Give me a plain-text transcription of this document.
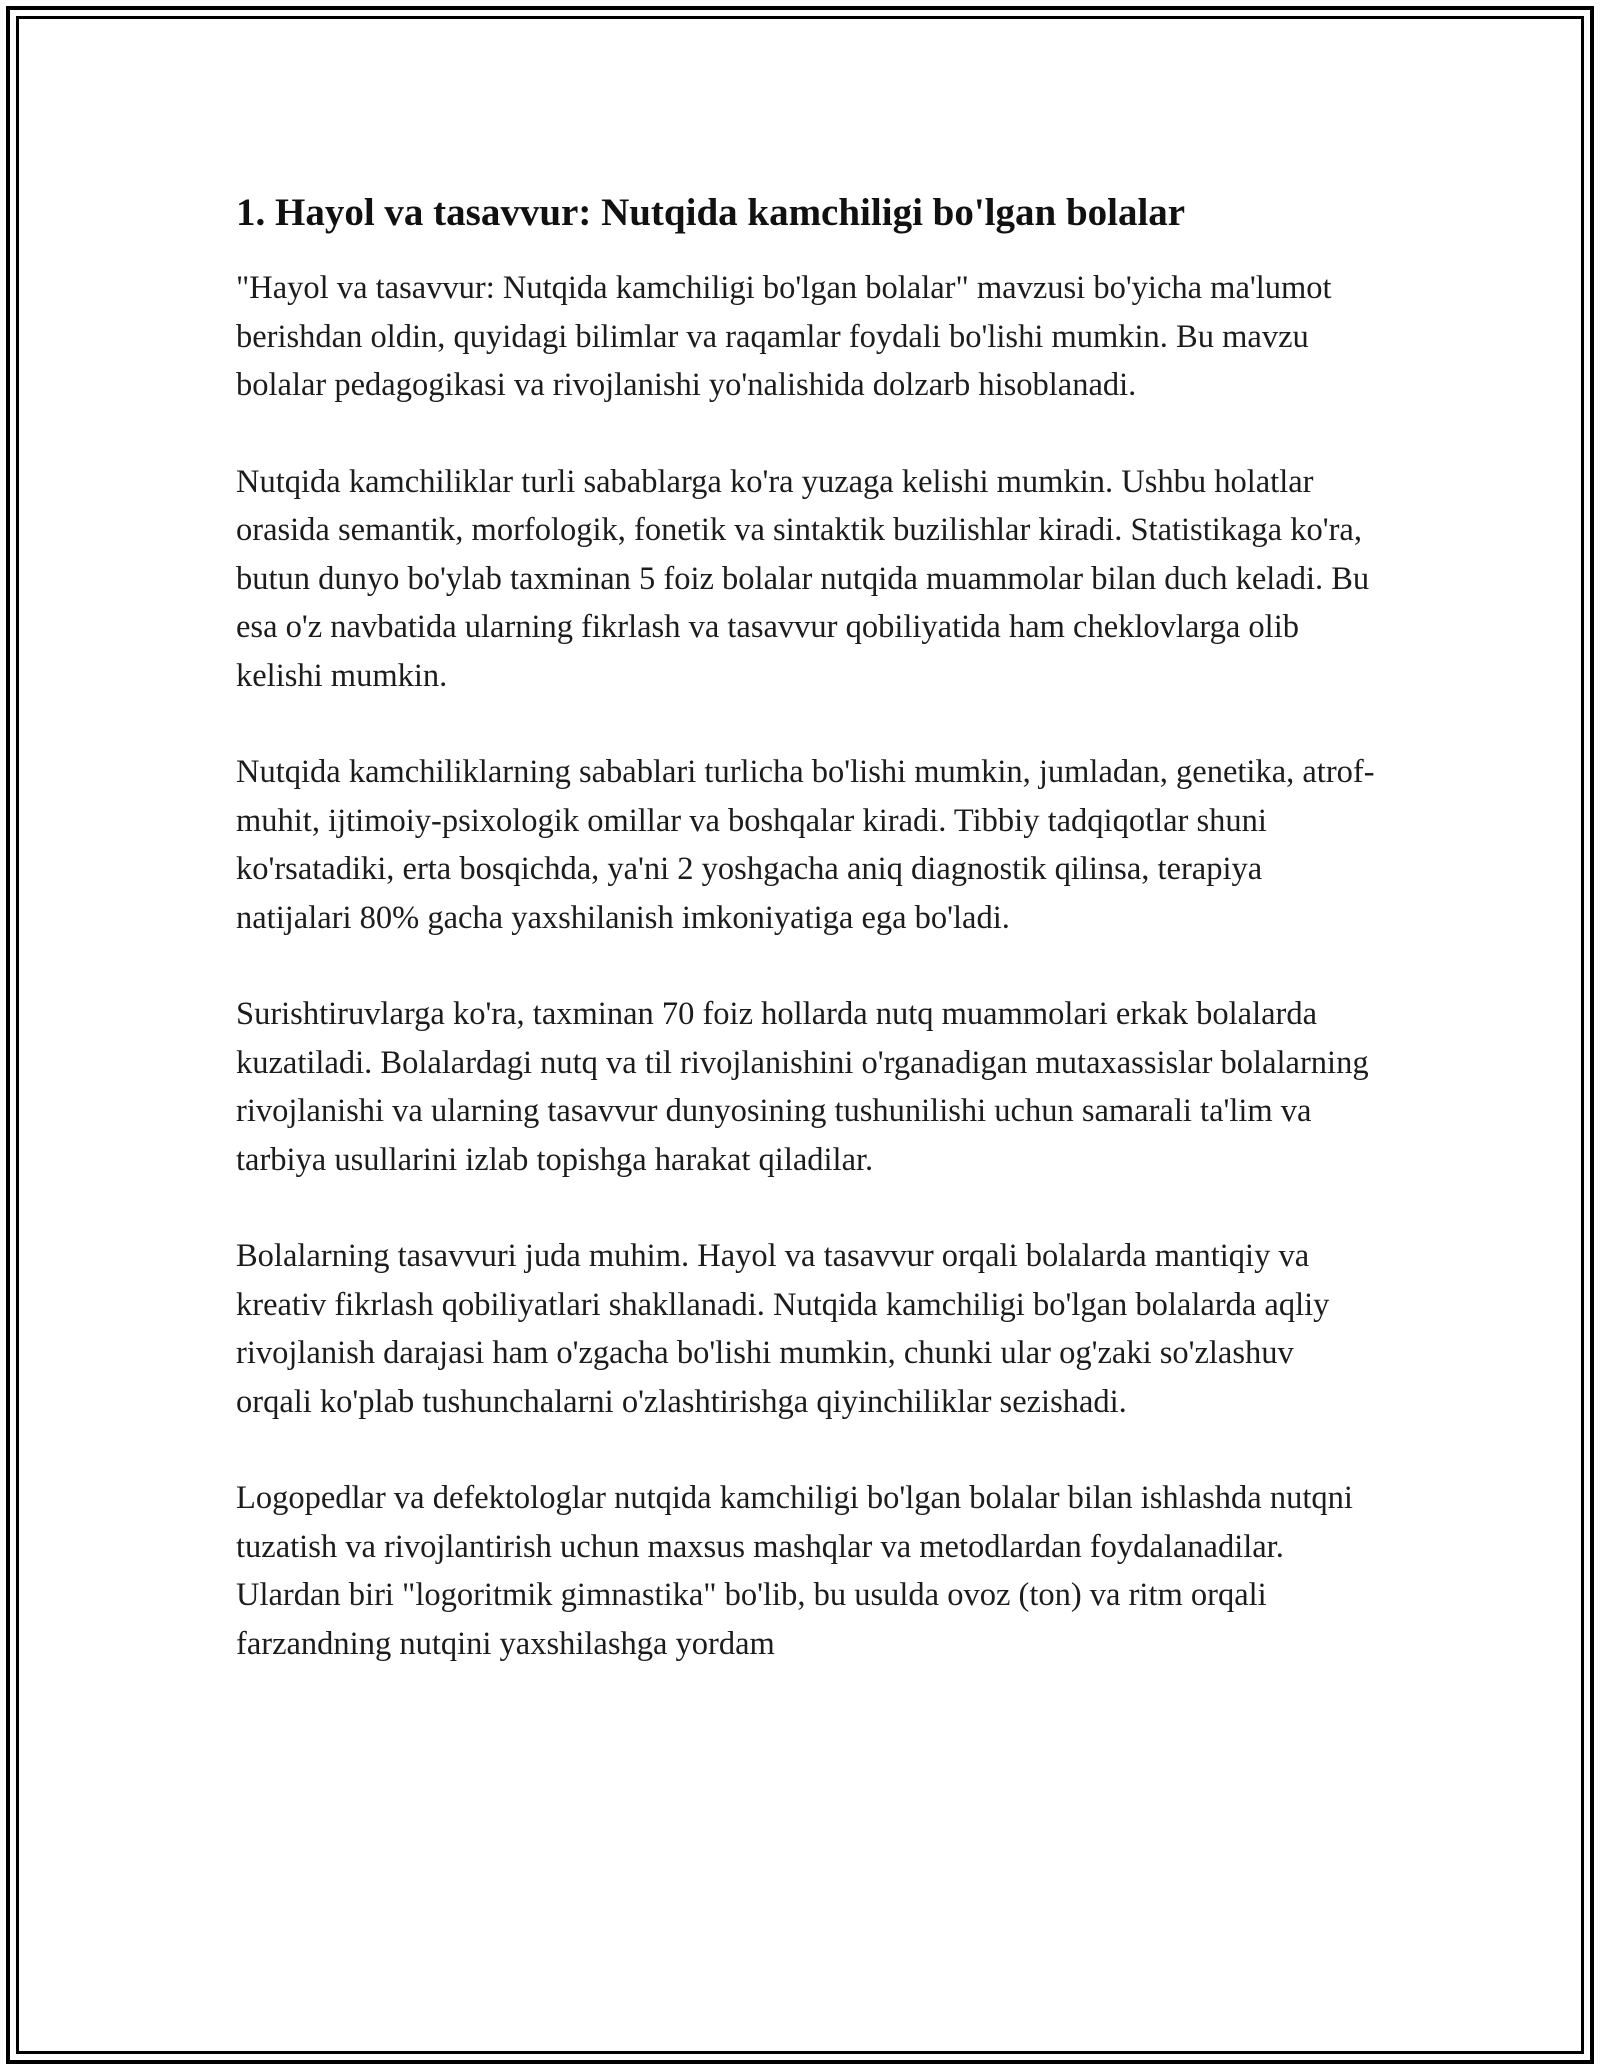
1. Hayol va tasavvur: Nutqida kamchiligi bo'lgan bolalar

"Hayol va tasavvur: Nutqida kamchiligi bo'lgan bolalar" mavzusi bo'yicha ma'lumot berishdan oldin, quyidagi bilimlar va raqamlar foydali bo'lishi mumkin. Bu mavzu bolalar pedagogikasi va rivojlanishi yo'nalishida dolzarb hisoblanadi.

Nutqida kamchiliklar turli sabablarga ko'ra yuzaga kelishi mumkin. Ushbu holatlar orasida semantik, morfologik, fonetik va sintaktik buzilishlar kiradi. Statistikaga ko'ra, butun dunyo bo'ylab taxminan 5 foiz bolalar nutqida muammolar bilan duch keladi. Bu esa o'z navbatida ularning fikrlash va tasavvur qobiliyatida ham cheklovlarga olib kelishi mumkin.

Nutqida kamchiliklarning sabablari turlicha bo'lishi mumkin, jumladan, genetika, atrof-muhit, ijtimoiy-psixologik omillar va boshqalar kiradi. Tibbiy tadqiqotlar shuni ko'rsatadiki, erta bosqichda, ya'ni 2 yoshgacha aniq diagnostik qilinsa, terapiya natijalari 80% gacha yaxshilanish imkoniyatiga ega bo'ladi.

Surishtiruvlarga ko'ra, taxminan 70 foiz hollarda nutq muammolari erkak bolalarda kuzatiladi. Bolalardagi nutq va til rivojlanishini o'rganadigan mutaxassislar bolalarning rivojlanishi va ularning tasavvur dunyosining tushunilishi uchun samarali ta'lim va tarbiya usullarini izlab topishga harakat qiladilar.

Bolalarning tasavvuri juda muhim. Hayol va tasavvur orqali bolalarda mantiqiy va kreativ fikrlash qobiliyatlari shakllanadi. Nutqida kamchiligi bo'lgan bolalarda aqliy rivojlanish darajasi ham o'zgacha bo'lishi mumkin, chunki ular og'zaki so'zlashuv orqali ko'plab tushunchalarni o'zlashtirishga qiyinchiliklar sezishadi.

Logopedlar va defektologlar nutqida kamchiligi bo'lgan bolalar bilan ishlashda nutqni tuzatish va rivojlantirish uchun maxsus mashqlar va metodlardan foydalanadilar. Ulardan biri "logoritmik gimnastika" bo'lib, bu usulda ovoz (ton) va ritm orqali farzandning nutqini yaxshilashga yordam
